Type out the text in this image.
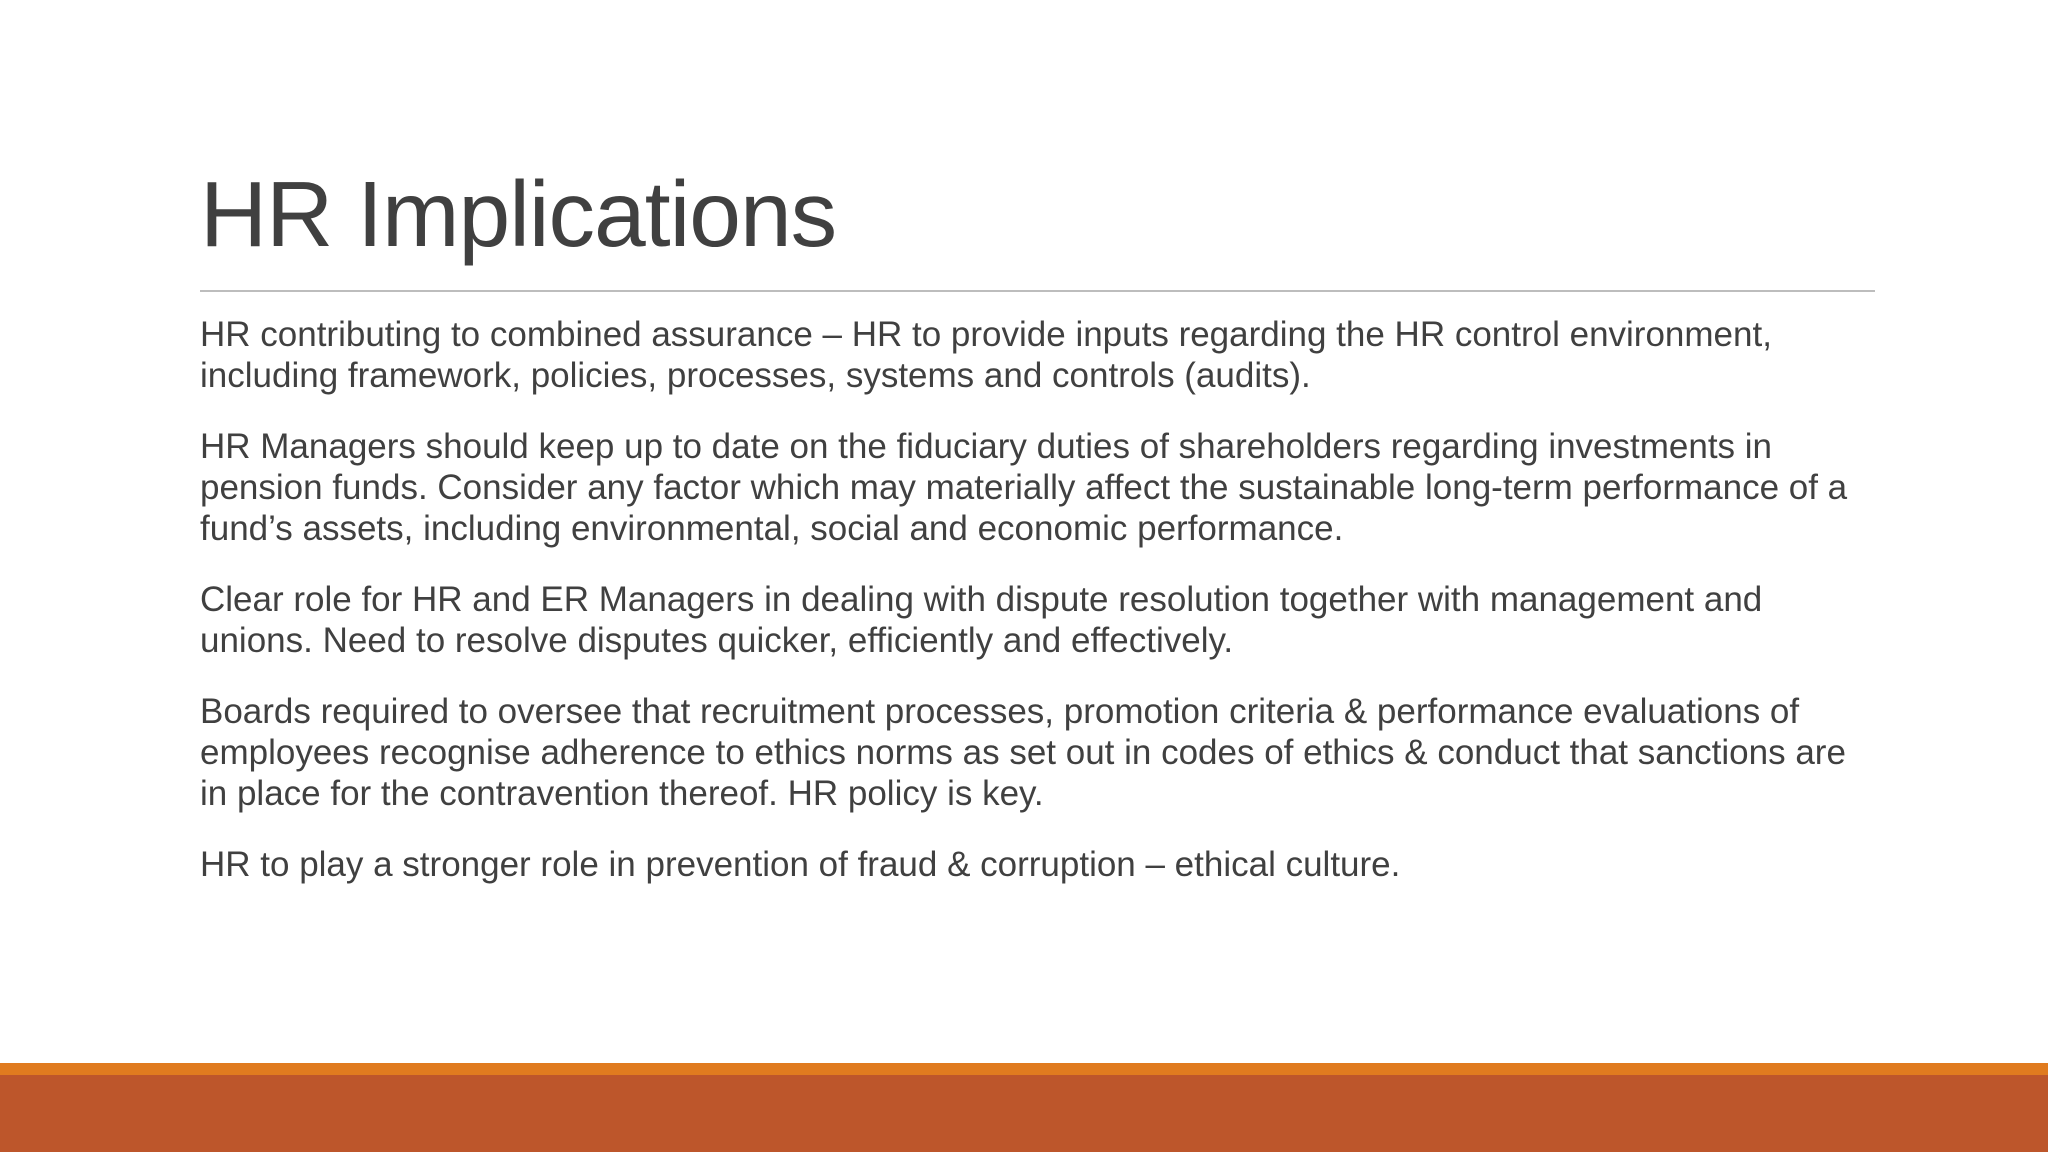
HR Implications

HR contributing to combined assurance – HR to provide inputs regarding the HR control environment, including framework, policies, processes, systems and controls (audits).

HR Managers should keep up to date on the fiduciary duties of shareholders regarding investments in pension funds. Consider any factor which may materially affect the sustainable long-term performance of a fund’s assets, including environmental, social and economic performance.

Clear role for HR and ER Managers in dealing with dispute resolution together with management and unions. Need to resolve disputes quicker, efficiently and effectively.

Boards required to oversee that recruitment processes, promotion criteria & performance evaluations of employees recognise adherence to ethics norms as set out in codes of ethics & conduct that sanctions are in place for the contravention thereof. HR policy is key.

HR to play a stronger role in prevention of fraud & corruption – ethical culture.
